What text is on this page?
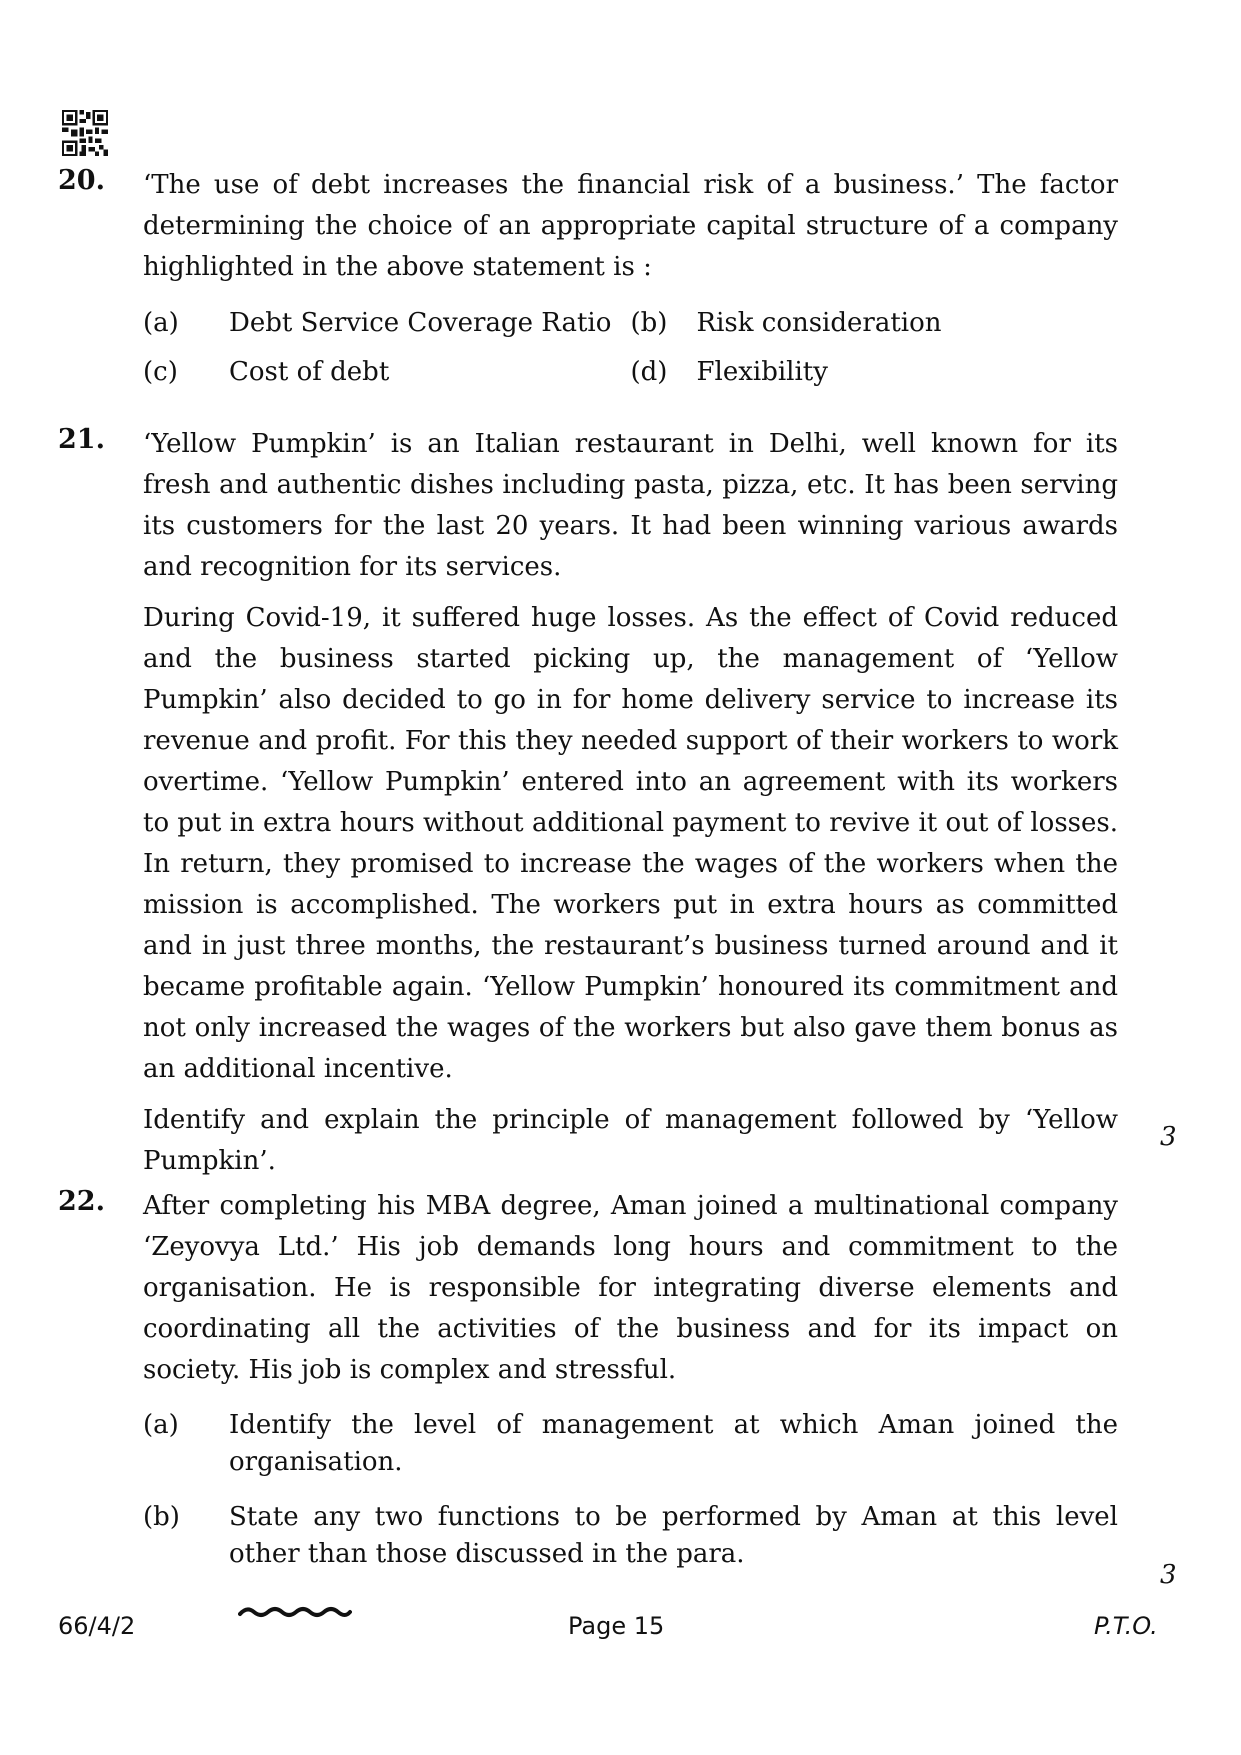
20. ‘The use of debt increases the financial risk of a business.’ The factor determining the choice of an appropriate capital structure of a company highlighted in the above statement is :

(a)	Debt Service Coverage Ratio (b)	Risk consideration
(c)	Cost of debt	(d)	Flexibility
21. ‘Yellow Pumpkin’ is an Italian restaurant in Delhi, well known for its fresh and authentic dishes including pasta, pizza, etc. It has been serving its customers for the last 20 years. It had been winning various awards and recognition for its services.

During Covid-19, it suffered huge losses. As the effect of Covid reduced and the business started picking up, the management of ‘Yellow Pumpkin’ also decided to go in for home delivery service to increase its revenue and profit. For this they needed support of their workers to work overtime. ‘Yellow Pumpkin’ entered into an agreement with its workers to put in extra hours without additional payment to revive it out of losses. In return, they promised to increase the wages of the workers when the mission is accomplished. The workers put in extra hours as committed and in just three months, the restaurant’s business turned around and it became profitable again. ‘Yellow Pumpkin’ honoured its commitment and not only increased the wages of the workers but also gave them bonus as an additional incentive.

Identify and explain the principle of management followed by ‘Yellow Pumpkin’.

3
22. After completing his MBA degree, Aman joined a multinational company ‘Zeyovya Ltd.’ His job demands long hours and commitment to the organisation. He is responsible for integrating diverse elements and coordinating all the activities of the business and for its impact on society. His job is complex and stressful.

(a)	Identify the level of management at which Aman joined the organisation.
(b)	State any two functions to be performed by Aman at this level other than those discussed in the para.
3
66/4/2	Page 15	P.T.O.
